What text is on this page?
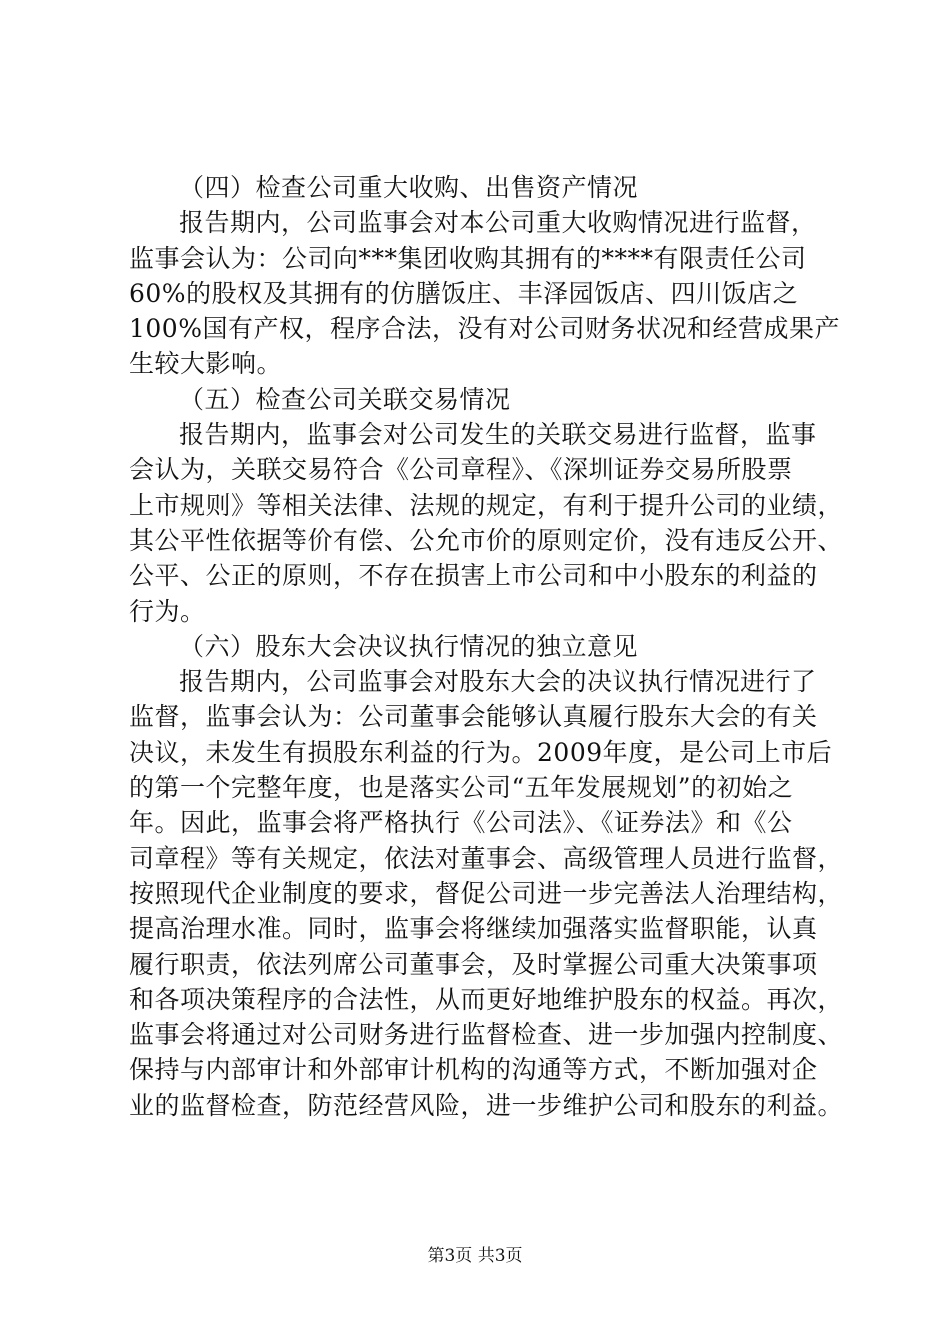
（四）检查公司重大收购、出售资产情况
报告期内，公司监事会对本公司重大收购情况进行监督，
监事会认为：公司向***集团收购其拥有的****有限责任公司
60%的股权及其拥有的仿膳饭庄、丰泽园饭店、四川饭店之
100%国有产权，程序合法，没有对公司财务状况和经营成果产
生较大影响。
（五）检查公司关联交易情况
报告期内，监事会对公司发生的关联交易进行监督，监事
会认为，关联交易符合《公司章程》、《深圳证券交易所股票
上市规则》等相关法律、法规的规定，有利于提升公司的业绩，
其公平性依据等价有偿、公允市价的原则定价，没有违反公开、
公平、公正的原则，不存在损害上市公司和中小股东的利益的
行为。
（六）股东大会决议执行情况的独立意见
报告期内，公司监事会对股东大会的决议执行情况进行了
监督，监事会认为：公司董事会能够认真履行股东大会的有关
决议，未发生有损股东利益的行为。2009年度，是公司上市后
的第一个完整年度，也是落实公司“五年发展规划”的初始之
年。因此，监事会将严格执行《公司法》、《证券法》和《公
司章程》等有关规定，依法对董事会、高级管理人员进行监督，
按照现代企业制度的要求，督促公司进一步完善法人治理结构，
提高治理水准。同时，监事会将继续加强落实监督职能，认真
履行职责，依法列席公司董事会，及时掌握公司重大决策事项
和各项决策程序的合法性，从而更好地维护股东的权益。再次，
监事会将通过对公司财务进行监督检查、进一步加强内控制度、
保持与内部审计和外部审计机构的沟通等方式，不断加强对企
业的监督检查，防范经营风险，进一步维护公司和股东的利益。
第3页 共3页
